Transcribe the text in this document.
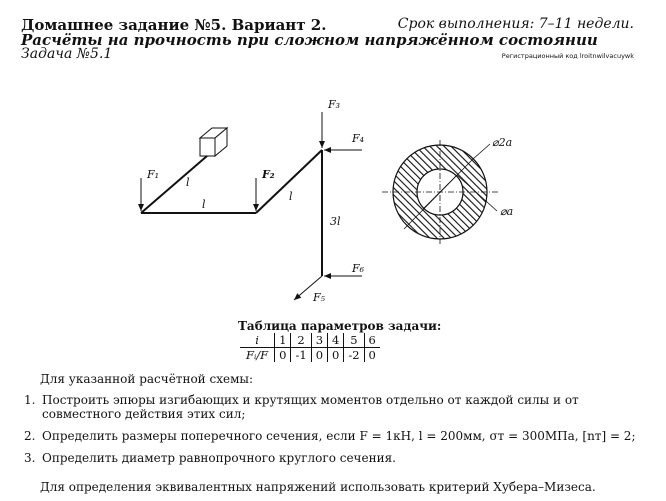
Домашнее задание №5. Вариант 2.	Срок выполнения: 7–11 недели.
Расчёты на прочность при сложном напряжённом состоянии
Задача №5.1	Регистрационный код lroitnwilvacuywk
F₁	F₂
F₃
F₄
F₅
F₆
l
l
l
3l
⌀2a
⌀a
Таблица параметров задачи:
i	1	2	3	4	5	6
Fᵢ/F	0	-1	0	0	-2	0
Для указанной расчётной схемы:
1. Построить эпюры изгибающих и крутящих моментов отдельно от каждой силы и от совместного действия этих сил;
2. Определить размеры поперечного сечения, если F = 1кН, l = 200мм, σт = 300МПа, [nт] = 2;
3. Определить диаметр равнопрочного круглого сечения.
Для определения эквивалентных напряжений использовать критерий Хубера–Мизеса.
